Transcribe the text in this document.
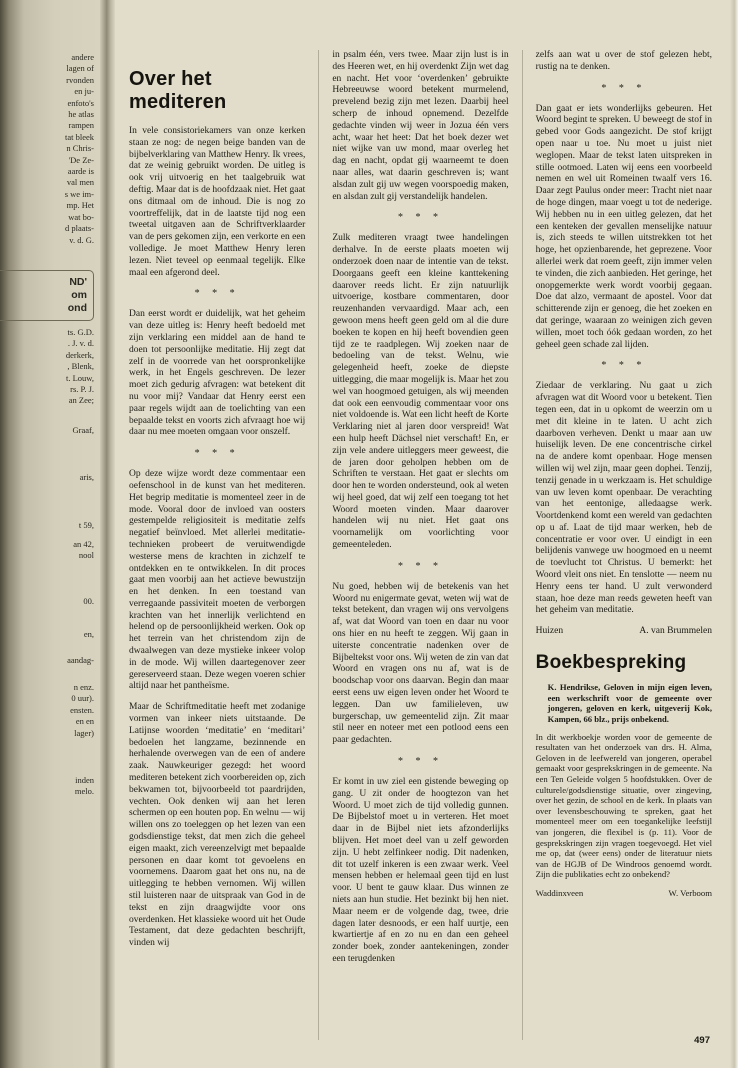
andere
lagen of
rvonden
en ju-
enfoto's
he atlas
rampen
tat bleek
n Chris-
'De Ze-
aarde is
val men
s we im-
mp. Het
wat bo-
d plaats-
v. d. G.
ND'
om
ond
ts. G.D.
. J. v. d.
derkerk,
, Blenk,
t. Louw,
rs. P. J.
an Zee;
Graaf,
aris,
t 59,
an 42,
nool
00.
en,
aandag-
n enz.
0 uur).
ensten.
en en
lager)
inden
melo.
Over het mediteren

In vele consistoriekamers van onze kerken staan ze nog: de negen beige banden van de bijbelverklaring van Matthew Henry. Ik vrees, dat ze weinig gebruikt worden. De uitleg is ook vrij uitvoerig en het taalgebruik wat deftig. Maar dat is de hoofdzaak niet. Het gaat ons ditmaal om de inhoud. Die is nog zo voortreffelijk, dat in de laatste tijd nog een tweetal uitgaven aan de Schriftverklaarder van de pers gekomen zijn, een verkorte en een volledige. Je moet Matthew Henry leren lezen. Niet teveel op eenmaal tegelijk. Elke maal een afgerond deel.

* * *

Dan eerst wordt er duidelijk, wat het geheim van deze uitleg is: Henry heeft bedoeld met zijn verklaring een middel aan de hand te doen tot persoonlijke meditatie. Hij zegt dat zelf in de voorrede van het oorspronkelijke werk, in het Engels geschreven. De lezer moet zich gedurig afvragen: wat betekent dit nu voor mij? Vandaar dat Henry eerst een paar regels wijdt aan de toelichting van een bepaalde tekst en voorts zich afvraagt hoe wij daar nu mee moeten omgaan voor onszelf.

* * *

Op deze wijze wordt deze commentaar een oefenschool in de kunst van het mediteren. Het begrip meditatie is momenteel zeer in de mode. Vooral door de invloed van oosters gestempelde religiositeit is meditatie zelfs negatief beïnvloed. Met allerlei meditatie-technieken probeert de veruitwendigde westerse mens de krachten in zichzelf te ontdekken en te ontwikkelen. In dit proces gaat men voorbij aan het actieve bewustzijn en het denken. In een toestand van verregaande passiviteit moeten de verborgen krachten van het innerlijk verlichtend en helend op de persoonlijkheid werken. Ook op het terrein van het christendom zijn de dwaalwegen van deze mystieke inkeer volop in de mode. Wij willen daartegenover zeer gereserveerd staan. Deze wegen voeren schier altijd naar het pantheïsme.

Maar de Schriftmeditatie heeft met zodanige vormen van inkeer niets uitstaande. De Latijnse woorden ‘meditatie’ en ‘meditari’ bedoelen het langzame, bezinnende en herhalende overwegen van de een of andere zaak. Nauwkeuriger gezegd: het woord mediteren betekent zich voorbereiden op, zich bekwamen tot, bijvoorbeeld tot paardrijden, vechten. Ook denken wij aan het leren schermen op een houten pop. En welnu — wij willen ons zo toeleggen op het lezen van een godsdienstige tekst, dat men zich die geheel eigen maakt, zich vereenzelvigt met bepaalde personen en daar komt tot gevoelens en voornemens. Daarom gaat het ons nu, na de uitlegging te hebben vernomen. Wij willen stil luisteren naar de uitspraak van God in de tekst en zijn draagwijdte voor ons overdenken. Het klassieke woord uit het Oude Testament, dat deze gedachten beschrijft, vinden wij

in psalm één, vers twee. Maar zijn lust is in des Heeren wet, en hij overdenkt Zijn wet dag en nacht. Het voor ‘overdenken’ gebruikte Hebreeuwse woord betekent murmelend, prevelend bezig zijn met lezen. Daarbij heel scherp de inhoud opnemend. Dezelfde gedachte vinden wij weer in Jozua één vers acht, waar het heet: Dat het boek dezer wet niet wijke van uw mond, maar overleg het dag en nacht, opdat gij waarneemt te doen naar alles, wat daarin geschreven is; want alsdan zult gij uw wegen voorspoedig maken, en alsdan zult gij verstandelijk handelen.

* * *

Zulk mediteren vraagt twee handelingen derhalve. In de eerste plaats moeten wij onderzoek doen naar de intentie van de tekst. Doorgaans geeft een kleine kanttekening daarover reeds licht. Er zijn natuurlijk uitvoerige, kostbare commentaren, door reuzenhanden vervaardigd. Maar ach, een gewoon mens heeft geen geld om al die dure boeken te kopen en hij heeft bovendien geen tijd ze te raadplegen. Wij zoeken naar de bedoeling van de tekst. Welnu, wie gelegenheid heeft, zoeke de diepste uitlegging, die maar mogelijk is. Maar het zou wel van hoogmoed getuigen, als wij meenden dat ook een eenvoudig commentaar voor ons niet voldoende is. Wat een licht heeft de Korte Verklaring niet al jaren door verspreid! Wat een hulp heeft Dächsel niet verschaft! En, er zijn vele andere uitleggers meer geweest, die de jaren door geholpen hebben om de Schriften te verstaan. Het gaat er slechts om door hen te worden ondersteund, ook al weten wij heel goed, dat wij zelf een toegang tot het Woord moeten vinden. Maar daarover handelen wij nu niet. Het gaat ons voornamelijk om voorlichting voor gemeenteleden.

* * *

Nu goed, hebben wij de betekenis van het Woord nu enigermate gevat, weten wij wat de tekst betekent, dan vragen wij ons vervolgens af, wat dat Woord van toen en daar nu voor ons hier en nu heeft te zeggen. Wij gaan in uiterste concentratie nadenken over de Bijbeltekst voor ons. Wij weten de zin van dat Woord en vragen ons nu af, wat is de boodschap voor ons daarvan. Begin dan maar eerst eens uw eigen leven onder het Woord te leggen. Dan uw familieleven, uw burgerschap, uw gemeentelid zijn. Zit maar stil neer en noteer met een potlood eens een paar gedachten.

* * *

Er komt in uw ziel een gistende beweging op gang. U zit onder de hoogtezon van het Woord. U moet zich de tijd volledig gunnen. De Bijbelstof moet u in verteren. Het moet daar in de Bijbel niet iets afzonderlijks blijven. Het moet deel van u zelf geworden zijn. U hebt zelfinkeer nodig. Dit nadenken, dit tot uzelf inkeren is een zwaar werk. Veel mensen hebben er helemaal geen tijd en lust voor. U bent te gauw klaar. Dus winnen ze niets aan hun studie. Het bezinkt bij hen niet. Maar neem er de volgende dag, twee, drie dagen later desnoods, er een half uurtje, een kwartiertje af en zo nu en dan een geheel zonder boek, zonder aantekeningen, zonder een terugdenken

zelfs aan wat u over de stof gelezen hebt, rustig na te denken.

* * *

Dan gaat er iets wonderlijks gebeuren. Het Woord begint te spreken. U beweegt de stof in gebed voor Gods aangezicht. De stof krijgt open naar u toe. Nu moet u juist niet weglopen. Maar de tekst laten uitspreken in stille ootmoed. Laten wij eens een voorbeeld nemen en wel uit Romeinen twaalf vers 16. Daar zegt Paulus onder meer: Tracht niet naar de hoge dingen, maar voegt u tot de nederige. Wij hebben nu in een uitleg gelezen, dat het een kenteken der gevallen menselijke natuur is, zich steeds te willen uitstrekken tot het hoge, het opzienbarende, het geprezene. Voor allerlei werk dat roem geeft, zijn immer velen te vinden, die zich aanbieden. Het geringe, het onopgemerkte werk wordt voorbij gegaan. Doe dat alzo, vermaant de apostel. Voor dat schitterende zijn er genoeg, die het zoeken en dat geringe, waaraan zo weinigen zich geven willen, moet toch óók gedaan worden, zo het geheel geen schade zal lijden.

* * *

Ziedaar de verklaring. Nu gaat u zich afvragen wat dit Woord voor u betekent. Tien tegen een, dat in u opkomt de weerzin om u met dit kleine in te laten. U acht zich daarboven verheven. Denkt u maar aan uw huiselijk leven. De ene concentrische cirkel na de andere komt openbaar. Hoge mensen willen wij wel zijn, maar geen dophei. Tenzij, tenzij genade in u werkzaam is. Het schuldige van uw leven komt openbaar. De verachting van het eentonige, alledaagse werk. Voortdenkend komt een wereld van gedachten op u af. Laat de tijd maar werken, heb de concentratie er voor over. U eindigt in een belijdenis vanwege uw hoogmoed en u neemt de toevlucht tot Christus. U bemerkt: het Woord vleit ons niet. En tenslotte — neem nu Henry eens ter hand. U zult verwonderd staan, hoe deze man reeds geweten heeft van het geheim van meditatie.

Huizen	A. van Brummelen
Boekbespreking

K. Hendrikse, Geloven in mijn eigen leven, een werkschrift voor de gemeente over jongeren, geloven en kerk, uitgeverij Kok, Kampen, 66 blz., prijs onbekend.

In dit werkboekje worden voor de gemeente de resultaten van het onderzoek van drs. H. Alma, Geloven in de leefwereld van jongeren, operabel gemaakt voor gesprekskringen in de gemeente. Na een Ten Geleide volgen 5 hoofdstukken. Over de culturele/godsdienstige situatie, over zingeving, over het gezin, de school en de kerk. In plaats van over levensbeschouwing te spreken, gaat het momenteel meer om een toegankelijke leefstijl van jongeren, die flexibel is (p. 11). Voor de gesprekskringen zijn vragen toegevoegd. Het viel me op, dat (weer eens) onder de literatuur niets van de HGJB of De Windroos genoemd wordt. Zijn die publikaties echt zo onbekend?

Waddinxveen	W. Verboom
497
